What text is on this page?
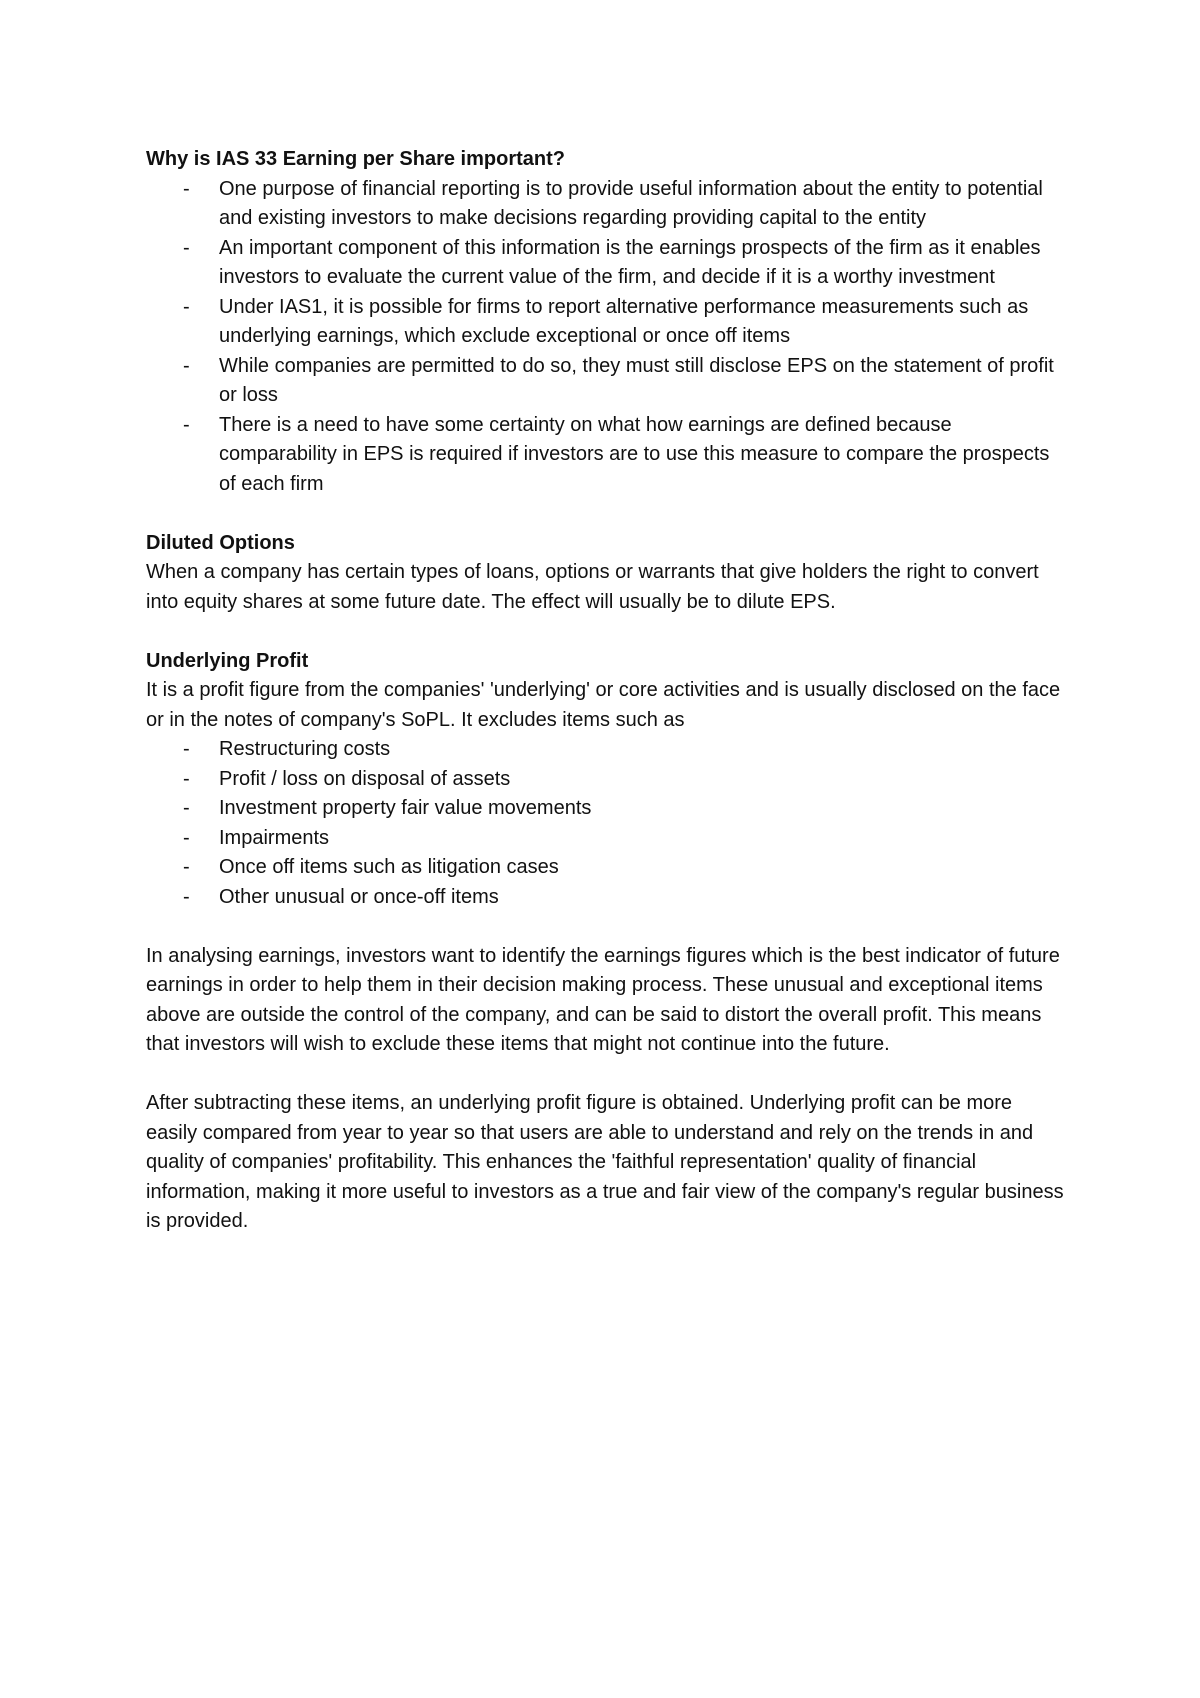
Why is IAS 33 Earning per Share important?

- One purpose of financial reporting is to provide useful information about the entity to potential and existing investors to make decisions regarding providing capital to the entity
- An important component of this information is the earnings prospects of the firm as it enables investors to evaluate the current value of the firm, and decide if it is a worthy investment
- Under IAS1, it is possible for firms to report alternative performance measurements such as underlying earnings, which exclude exceptional or once off items
- While companies are permitted to do so, they must still disclose EPS on the statement of profit or loss
- There is a need to have some certainty on what how earnings are defined because comparability in EPS is required if investors are to use this measure to compare the prospects of each firm

Diluted Options

When a company has certain types of loans, options or warrants that give holders the right to convert into equity shares at some future date. The effect will usually be to dilute EPS.

Underlying Profit

It is a profit figure from the companies' 'underlying' or core activities and is usually disclosed on the face or in the notes of company's SoPL. It excludes items such as

- Restructuring costs
- Profit / loss on disposal of assets
- Investment property fair value movements
- Impairments
- Once off items such as litigation cases
- Other unusual or once-off items

In analysing earnings, investors want to identify the earnings figures which is the best indicator of future earnings in order to help them in their decision making process. These unusual and exceptional items above are outside the control of the company, and can be said to distort the overall profit. This means that investors will wish to exclude these items that might not continue into the future.

After subtracting these items, an underlying profit figure is obtained. Underlying profit can be more easily compared from year to year so that users are able to understand and rely on the trends in and quality of companies' profitability. This enhances the 'faithful representation' quality of financial information, making it more useful to investors as a true and fair view of the company's regular business is provided.
